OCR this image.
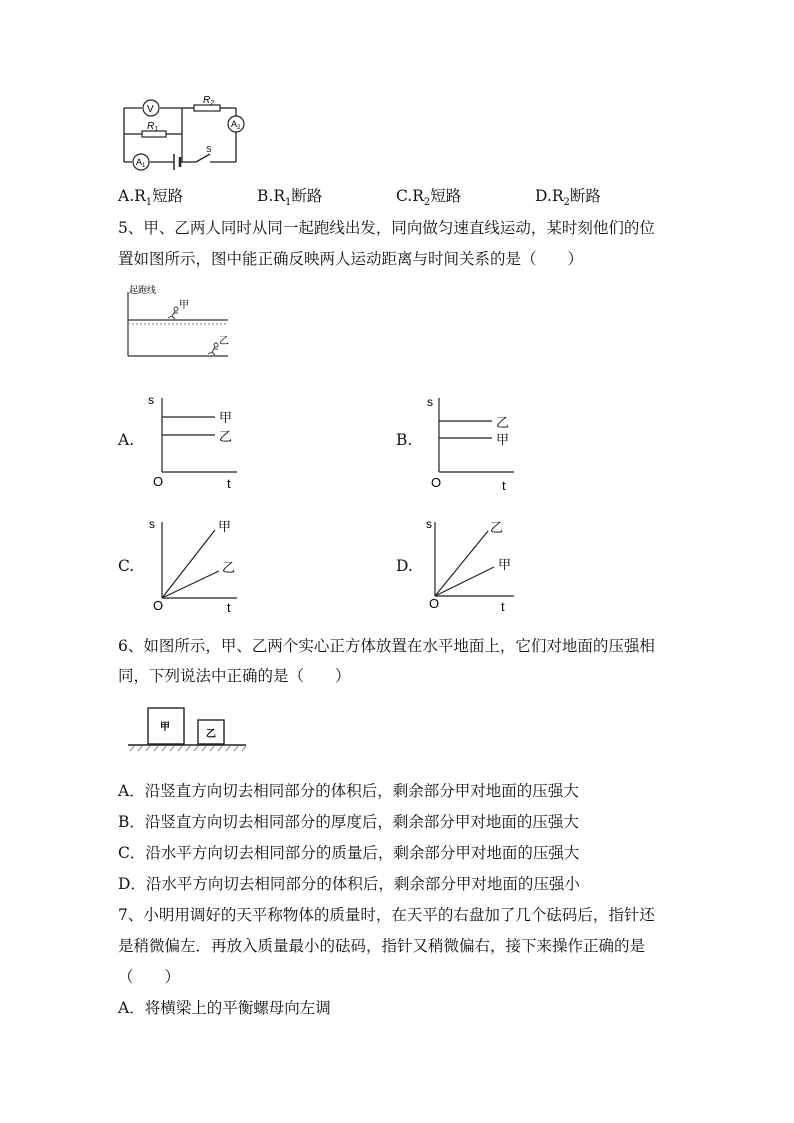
V
$R_2$
$R_1$
$A_2$
$A_1$
S
$A.R_1$短路	$B.R_1$断路	$C.R_2$短路	$D.R_2$断路
5、甲、乙两人同时从同一起跑线出发，同向做匀速直线运动，某时刻他们的位
置如图所示，图中能正确反映两人运动距离与时间关系的是（　　）
起跑线
甲
乙
A.
s
t
O
甲
乙	B.
s
t
O
乙
甲
C.
s
t
O
甲
乙	D.
s
t
O
乙
甲
6、如图所示，甲、乙两个实心正方体放置在水平地面上，它们对地面的压强相
同，下列说法中正确的是（　　）
甲
乙
A．沿竖直方向切去相同部分的体积后，剩余部分甲对地面的压强大
B．沿竖直方向切去相同部分的厚度后，剩余部分甲对地面的压强大
C．沿水平方向切去相同部分的质量后，剩余部分甲对地面的压强大
D．沿水平方向切去相同部分的体积后，剩余部分甲对地面的压强小
7、小明用调好的天平称物体的质量时，在天平的右盘加了几个砝码后，指针还
是稍微偏左．再放入质量最小的砝码，指针又稍微偏右，接下来操作正确的是
（　　）
A．将横梁上的平衡螺母向左调
